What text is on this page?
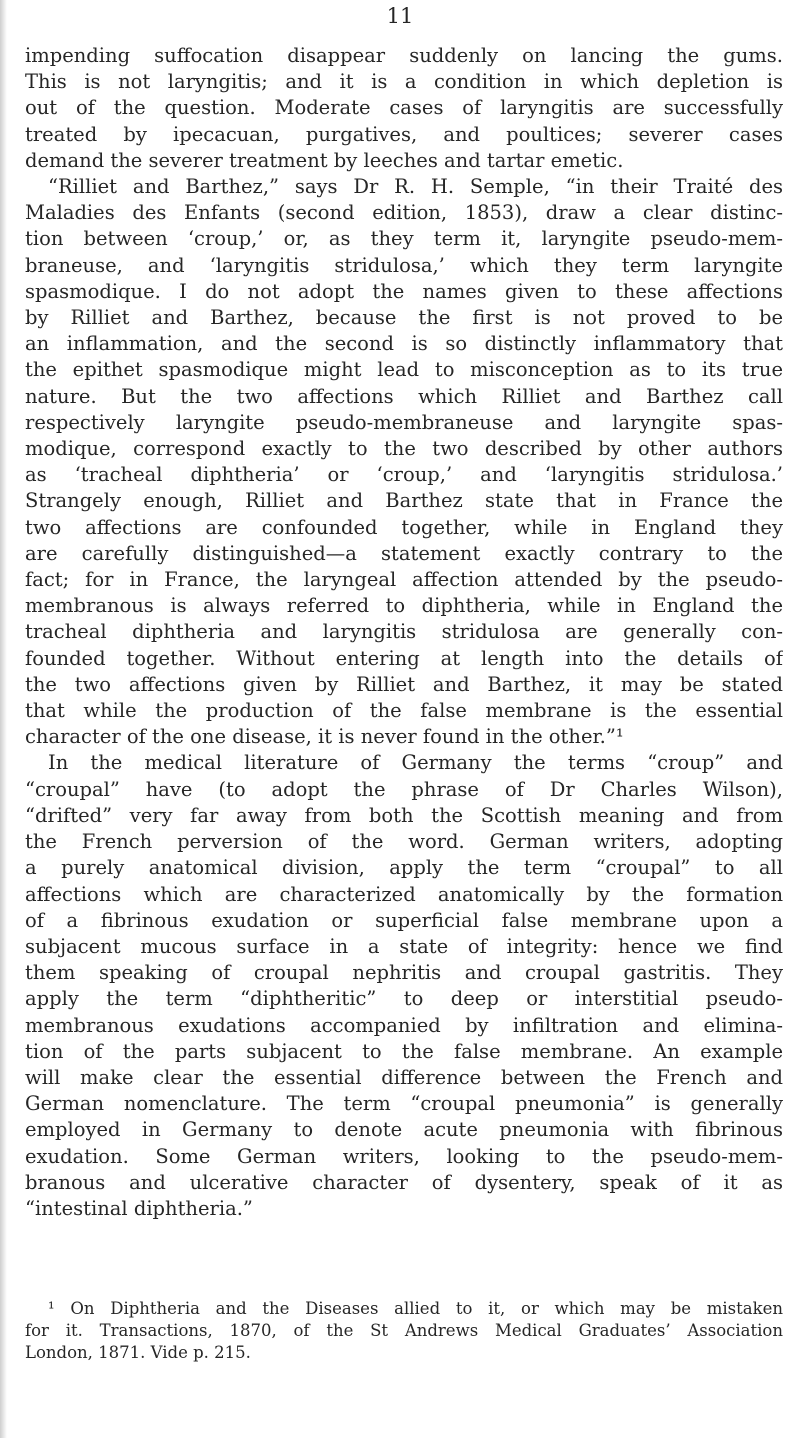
11
impending suffocation disappear suddenly on lancing the gums.
This is not laryngitis; and it is a condition in which depletion is
out of the question. Moderate cases of laryngitis are successfully
treated by ipecacuan, purgatives, and poultices; severer cases
demand the severer treatment by leeches and tartar emetic.
“Rilliet and Barthez,” says Dr R. H. Semple, “in their Traité des
Maladies des Enfants (second edition, 1853), draw a clear distinc-
tion between ‘croup,’ or, as they term it, laryngite pseudo-mem-
braneuse, and ‘laryngitis stridulosa,’ which they term laryngite
spasmodique. I do not adopt the names given to these affections
by Rilliet and Barthez, because the first is not proved to be
an inflammation, and the second is so distinctly inflammatory that
the epithet spasmodique might lead to misconception as to its true
nature. But the two affections which Rilliet and Barthez call
respectively laryngite pseudo-membraneuse and laryngite spas-
modique, correspond exactly to the two described by other authors
as ‘tracheal diphtheria’ or ‘croup,’ and ‘laryngitis stridulosa.’
Strangely enough, Rilliet and Barthez state that in France the
two affections are confounded together, while in England they
are carefully distinguished—a statement exactly contrary to the
fact; for in France, the laryngeal affection attended by the pseudo-
membranous is always referred to diphtheria, while in England the
tracheal diphtheria and laryngitis stridulosa are generally con-
founded together. Without entering at length into the details of
the two affections given by Rilliet and Barthez, it may be stated
that while the production of the false membrane is the essential
character of the one disease, it is never found in the other.”¹
In the medical literature of Germany the terms “croup” and
“croupal” have (to adopt the phrase of Dr Charles Wilson),
“drifted” very far away from both the Scottish meaning and from
the French perversion of the word. German writers, adopting
a purely anatomical division, apply the term “croupal” to all
affections which are characterized anatomically by the formation
of a fibrinous exudation or superficial false membrane upon a
subjacent mucous surface in a state of integrity: hence we find
them speaking of croupal nephritis and croupal gastritis. They
apply the term “diphtheritic” to deep or interstitial pseudo-
membranous exudations accompanied by infiltration and elimina-
tion of the parts subjacent to the false membrane. An example
will make clear the essential difference between the French and
German nomenclature. The term “croupal pneumonia” is generally
employed in Germany to denote acute pneumonia with fibrinous
exudation. Some German writers, looking to the pseudo-mem-
branous and ulcerative character of dysentery, speak of it as
“intestinal diphtheria.”
¹ On Diphtheria and the Diseases allied to it, or which may be mistaken
for it. Transactions, 1870, of the St Andrews Medical Graduates’ Association
London, 1871. Vide p. 215.
